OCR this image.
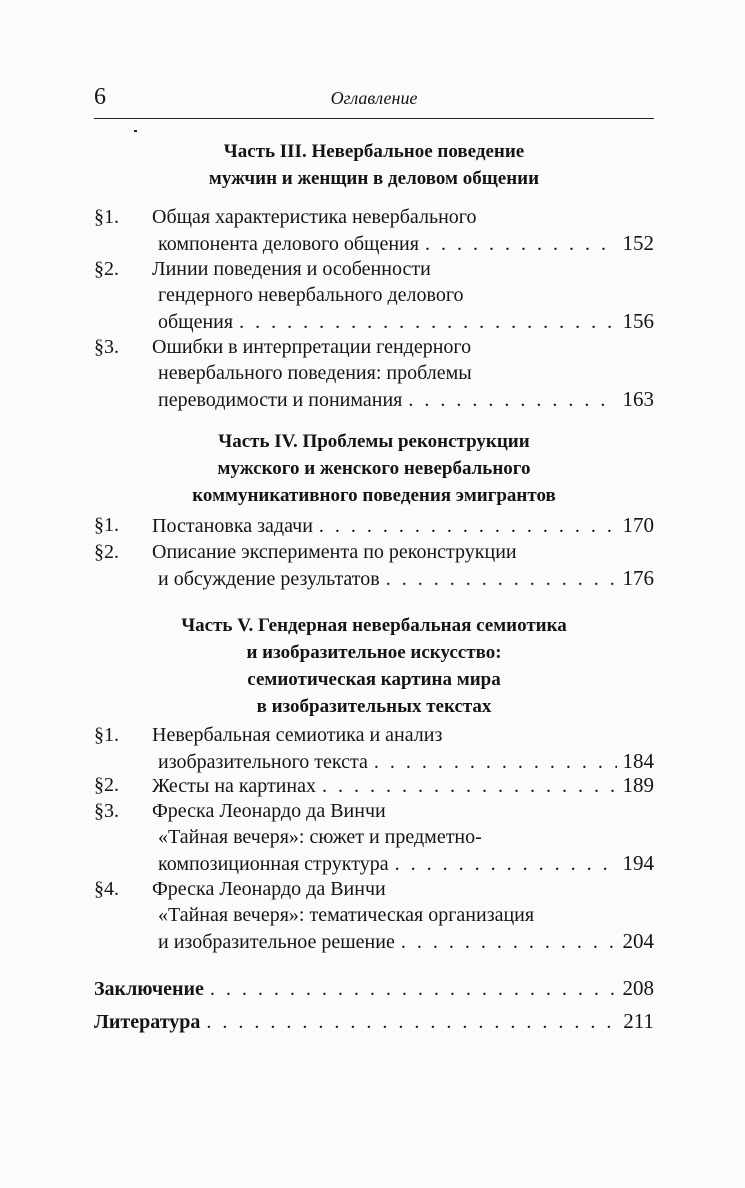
6	Оглавление
Часть III. Невербальное поведение
мужчин и женщин в деловом общении
§1. Общая характеристика невербального
компонента делового общения . . .	152
§2. Линии поведения и особенности
гендерного невербального делового
общения . . .	156
§3. Ошибки в интерпретации гендерного
невербального поведения: проблемы
переводимости и понимания . . .	163
Часть IV. Проблемы реконструкции
мужского и женского невербального
коммуникативного поведения эмигрантов
§1. Постановка задачи . . .	170
§2. Описание эксперимента по реконструкции
и обсуждение результатов . . .	176
Часть V. Гендерная невербальная семиотика
и изобразительное искусство:
семиотическая картина мира
в изобразительных текстах
§1. Невербальная семиотика и анализ
изобразительного текста . . .	184
§2. Жесты на картинах . . .	189
§3. Фреска Леонардо да Винчи
«Тайная вечеря»: сюжет и предметно-
композиционная структура . . .	194
§4. Фреска Леонардо да Винчи
«Тайная вечеря»: тематическая организация
и изобразительное решение . . .	204
Заключение . . .	208
Литература . . .	211
